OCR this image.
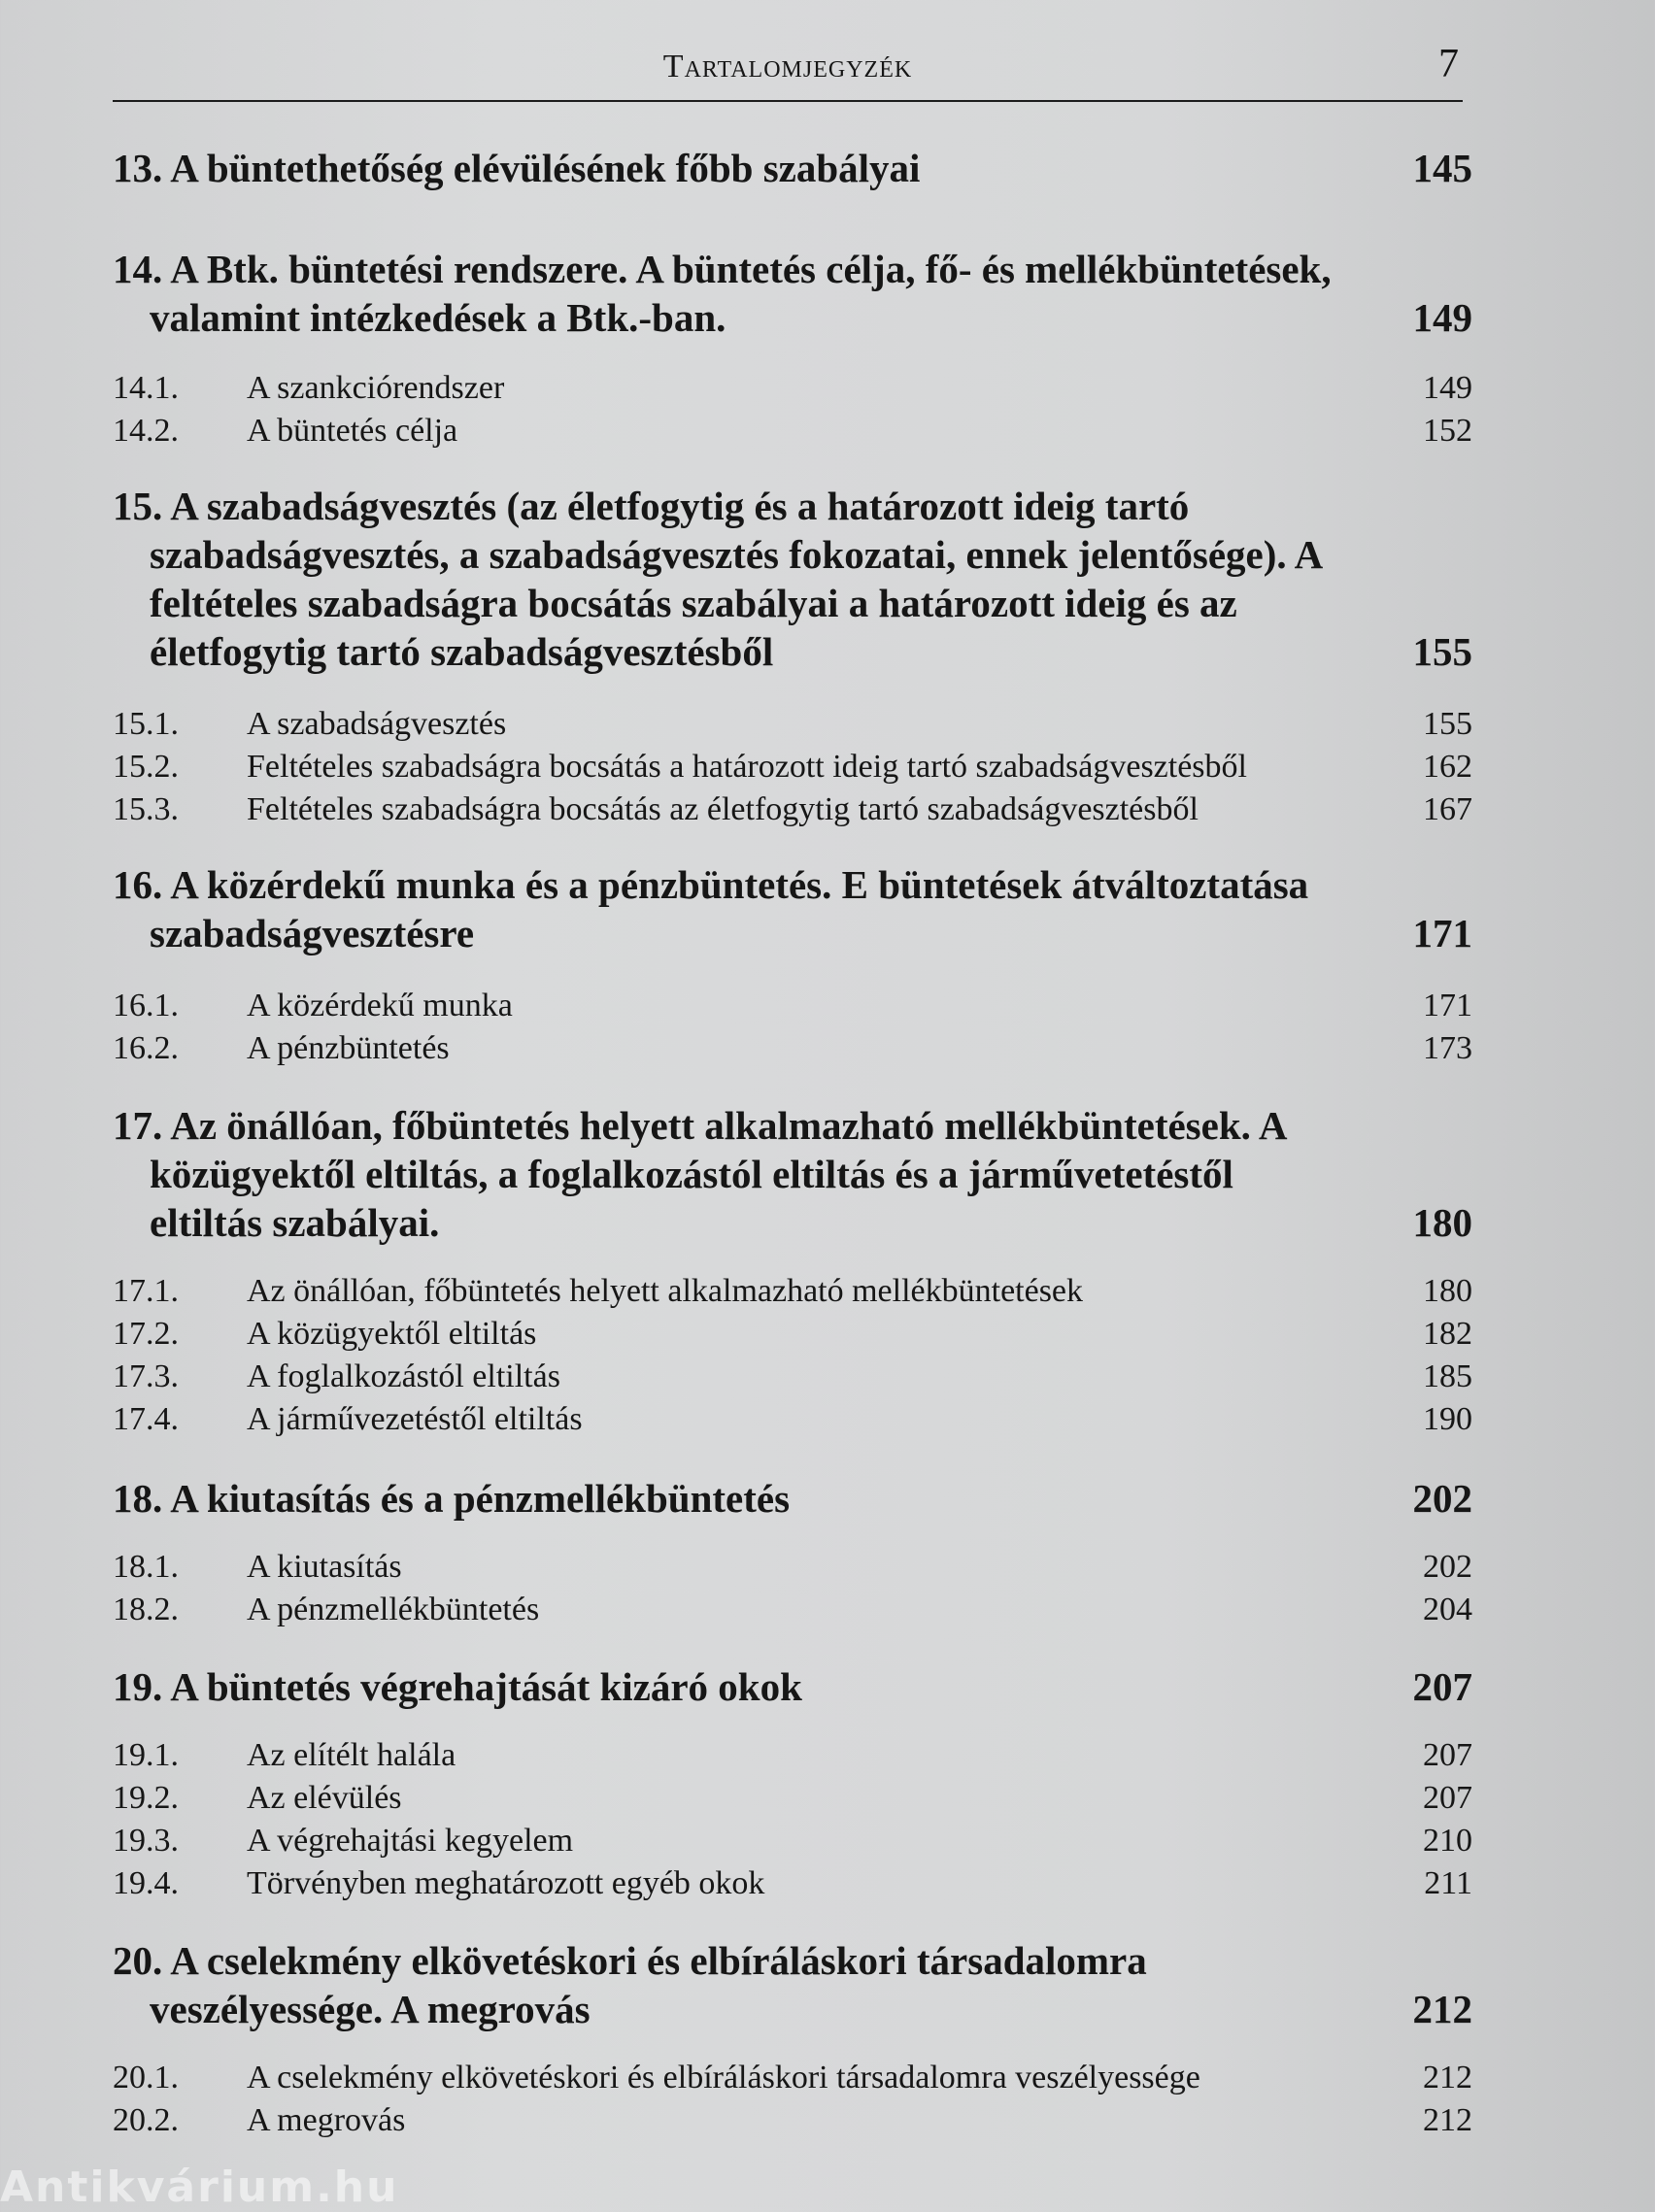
Tartalomjegyzék	7
13. A büntethetőség elévülésének főbb szabályai	145
14. A Btk. büntetési rendszere. A büntetés célja, fő- és mellékbüntetések, valamint intézkedések a Btk.-ban.	149
14.1. A szankciórendszer	149
14.2. A büntetés célja	152
15. A szabadságvesztés (az életfogytig és a határozott ideig tartó szabadságvesztés, a szabadságvesztés fokozatai, ennek jelentősége). A feltételes szabadságra bocsátás szabályai a határozott ideig és az életfogytig tartó szabadságvesztésből	155
15.1. A szabadságvesztés	155
15.2. Feltételes szabadságra bocsátás a határozott ideig tartó szabadságvesztésből	162
15.3. Feltételes szabadságra bocsátás az életfogytig tartó szabadságvesztésből	167
16. A közérdekű munka és a pénzbüntetés. E büntetések átváltoztatása szabadságvesztésre	171
16.1. A közérdekű munka	171
16.2. A pénzbüntetés	173
17. Az önállóan, főbüntetés helyett alkalmazható mellékbüntetések. A közügyektől eltiltás, a foglalkozástól eltiltás és a járművetetéstől eltiltás szabályai.	180
17.1. Az önállóan, főbüntetés helyett alkalmazható mellékbüntetések	180
17.2. A közügyektől eltiltás	182
17.3. A foglalkozástól eltiltás	185
17.4. A járművezetéstől eltiltás	190
18. A kiutasítás és a pénzmellékbüntetés	202
18.1. A kiutasítás	202
18.2. A pénzmellékbüntetés	204
19. A büntetés végrehajtását kizáró okok	207
19.1. Az elítélt halála	207
19.2. Az elévülés	207
19.3. A végrehajtási kegyelem	210
19.4. Törvényben meghatározott egyéb okok	211
20. A cselekmény elkövetéskori és elbíráláskori társadalomra veszélyessége. A megrovás	212
20.1. A cselekmény elkövetéskori és elbíráláskori társadalomra veszélyessége	212
20.2. A megrovás	212
Antikvárium.hu
